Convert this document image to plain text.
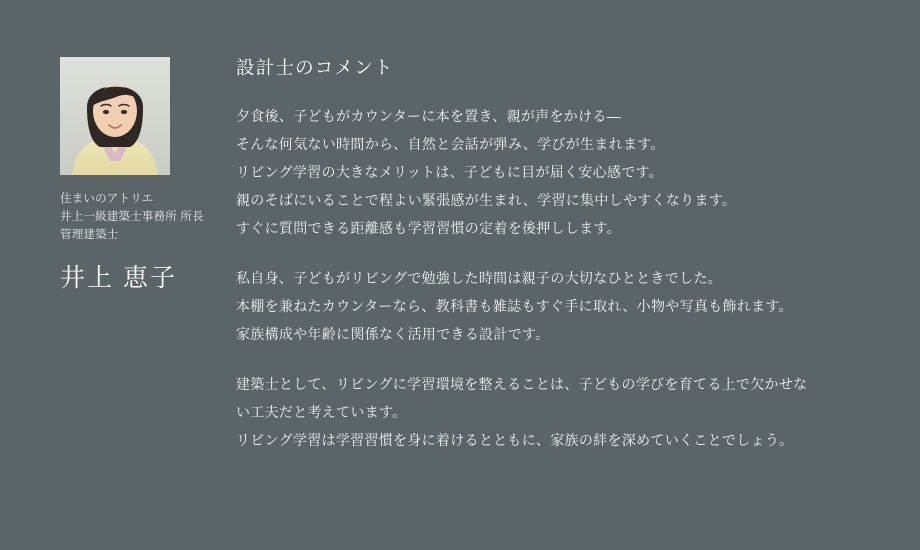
住まいのアトリエ
井上一級建築士事務所 所長
管理建築士
井上 恵子
設計士のコメント

夕食後、子どもがカウンターに本を置き、親が声をかける—
そんな何気ない時間から、自然と会話が弾み、学びが生まれます。
リビング学習の大きなメリットは、子どもに目が届く安心感です。
親のそばにいることで程よい緊張感が生まれ、学習に集中しやすくなります。
すぐに質問できる距離感も学習習慣の定着を後押しします。

私自身、子どもがリビングで勉強した時間は親子の大切なひとときでした。
本棚を兼ねたカウンターなら、教科書も雑誌もすぐ手に取れ、小物や写真も飾れます。
家族構成や年齢に関係なく活用できる設計です。

建築士として、リビングに学習環境を整えることは、子どもの学びを育てる上で欠かせな
い工夫だと考えています。
リビング学習は学習習慣を身に着けるとともに、家族の絆を深めていくことでしょう。
